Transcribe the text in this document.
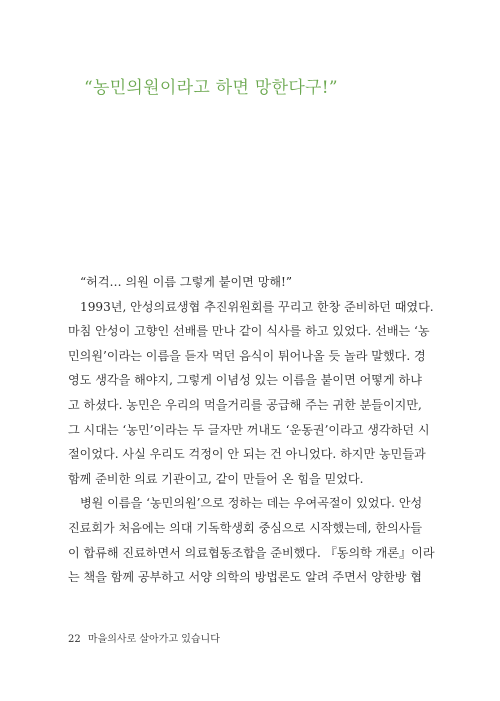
“농민의원이라고 하면 망한다구!”
“허걱… 의원 이름 그렇게 붙이면 망해!”
1993년, 안성의료생협 추진위원회를 꾸리고 한창 준비하던 때였다.
마침 안성이 고향인 선배를 만나 같이 식사를 하고 있었다. 선배는 ‘농
민의원’이라는 이름을 듣자 먹던 음식이 튀어나올 듯 놀라 말했다. 경
영도 생각을 해야지, 그렇게 이념성 있는 이름을 붙이면 어떻게 하냐
고 하셨다. 농민은 우리의 먹을거리를 공급해 주는 귀한 분들이지만,
그 시대는 ‘농민’이라는 두 글자만 꺼내도 ‘운동권’이라고 생각하던 시
절이었다. 사실 우리도 걱정이 안 되는 건 아니었다. 하지만 농민들과
함께 준비한 의료 기관이고, 같이 만들어 온 힘을 믿었다.
병원 이름을 ‘농민의원’으로 정하는 데는 우여곡절이 있었다. 안성
진료회가 처음에는 의대 기독학생회 중심으로 시작했는데, 한의사들
이 합류해 진료하면서 의료협동조합을 준비했다. 『동의학 개론』이라
는 책을 함께 공부하고 서양 의학의 방법론도 알려 주면서 양한방 협
22 마을의사로 살아가고 있습니다
